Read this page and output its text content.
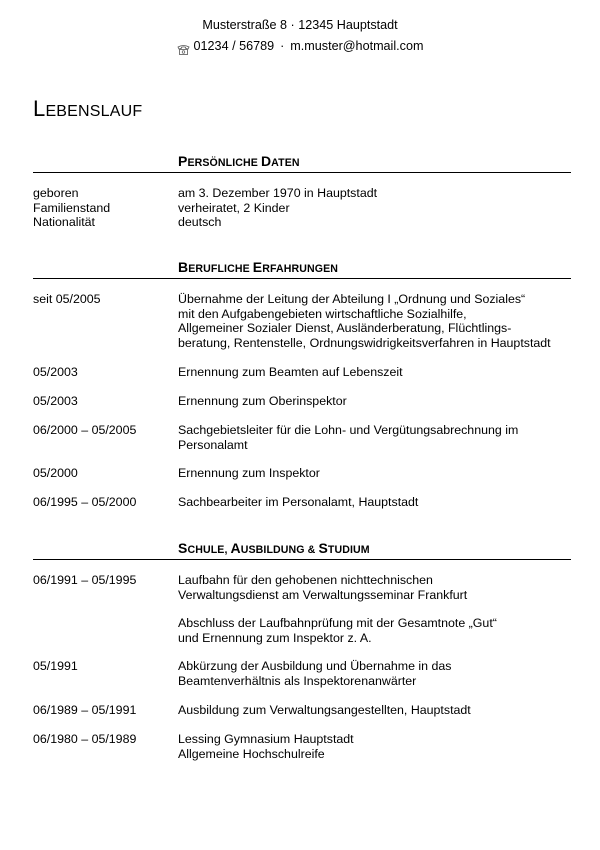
Musterstraße 8 · 12345 Hauptstadt
01234 / 56789 · m.muster@hotmail.com
LEBENSLAUF
PERSÖNLICHE DATEN
geboren	am 3. Dezember 1970 in Hauptstadt
Familienstand	verheiratet, 2 Kinder
Nationalität	deutsch
BERUFLICHE ERFAHRUNGEN
seit 05/2005	Übernahme der Leitung der Abteilung I „Ordnung und Soziales“
mit den Aufgabengebieten wirtschaftliche Sozialhilfe,
Allgemeiner Sozialer Dienst, Ausländerberatung, Flüchtlings-
beratung, Rentenstelle, Ordnungswidrigkeitsverfahren in Hauptstadt
05/2003	Ernennung zum Beamten auf Lebenszeit
05/2003	Ernennung zum Oberinspektor
06/2000 – 05/2005	Sachgebietsleiter für die Lohn- und Vergütungsabrechnung im
Personalamt
05/2000	Ernennung zum Inspektor
06/1995 – 05/2000	Sachbearbeiter im Personalamt, Hauptstadt
SCHULE, AUSBILDUNG & STUDIUM
06/1991 – 05/1995	Laufbahn für den gehobenen nichttechnischen
Verwaltungsdienst am Verwaltungsseminar Frankfurt
Abschluss der Laufbahnprüfung mit der Gesamtnote „Gut“
und Ernennung zum Inspektor z. A.
05/1991	Abkürzung der Ausbildung und Übernahme in das
Beamtenverhältnis als Inspektorenanwärter
06/1989 – 05/1991	Ausbildung zum Verwaltungsangestellten, Hauptstadt
06/1980 – 05/1989	Lessing Gymnasium Hauptstadt
Allgemeine Hochschulreife
